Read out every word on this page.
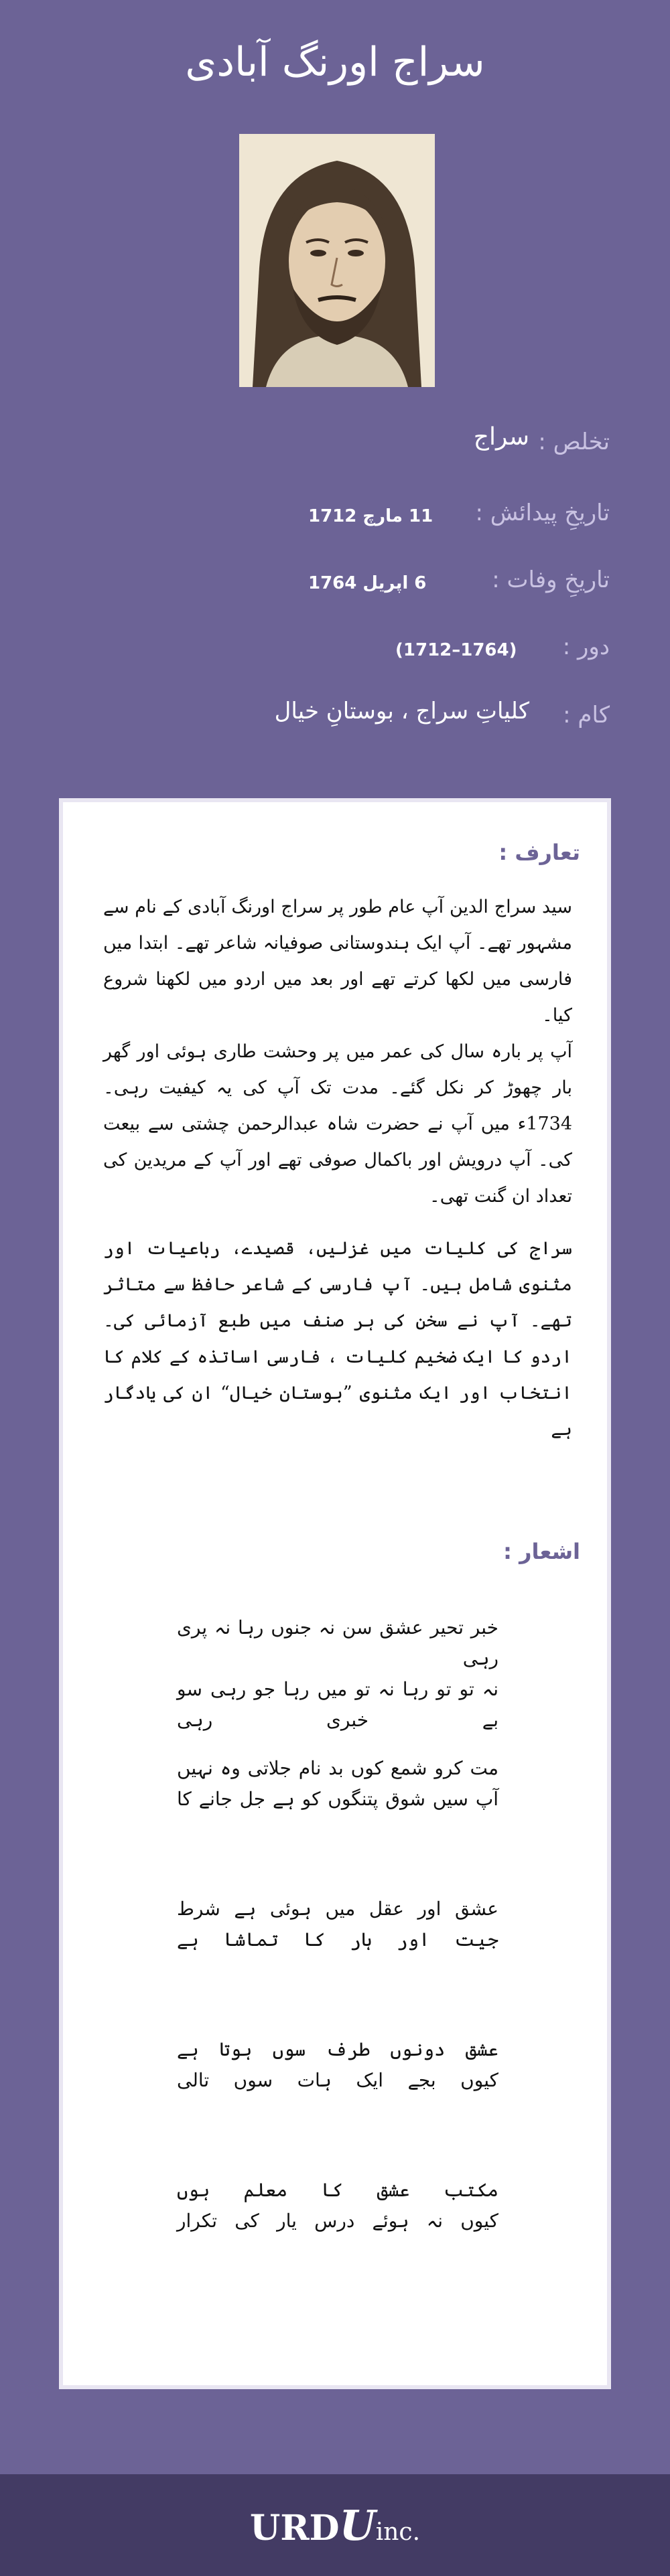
سراج اورنگ آبادی
تخلص :
سراج
تاریخِ پیدائش :
11 مارچ 1712
تاریخِ وفات :
6 اپریل 1764
دور :
(1712–1764)
کام :
کلیاتِ سراج ، بوستانِ خیال
تعارف :
سید سراج الدین آپ عام طور پر سراج اورنگ آبادی کے نام سے مشہور تھے۔ آپ ایک ہندوستانی صوفیانہ شاعر تھے۔ ابتدا میں فارسی میں لکھا کرتے تھے اور بعد میں اردو میں لکھنا شروع کیا۔
آپ پر بارہ سال کی عمر میں پر وحشت طاری ہوئی اور گھر بار چھوڑ کر نکل گئے۔ مدت تک آپ کی یہ کیفیت رہی۔ 1734ء میں آپ نے حضرت شاہ عبدالرحمن چشتی سے بیعت کی۔ آپ درویش اور باکمال صوفی تھے اور آپ کے مریدین کی تعداد ان گنت تھی۔
سراج کی کلیات میں غزلیں، قصیدے، رباعیات اور مثنوی شامل ہیں۔ آپ فارسی کے شاعر حافظ سے متاثر تھے۔ آپ نے سخن کی ہر صنف میں طبع آزمائی کی۔اردو کا ایک ضخیم کلیات ، فارسی اساتذہ کے کلام کا انتخاب اور ایک مثنوی ”بوستان خیال“ ان کی یادگار ہے
اشعار :
خبر تحیر عشق سن نہ جنوں رہا نہ پری رہی
نہ تو تو رہا نہ تو میں رہا جو رہی سو بے خبری رہی
مت کرو شمع کوں بد نام جلاتی وہ نہیں
آپ سیں شوق پتنگوں کو ہے جل جانے کا
عشق اور عقل میں ہوئی ہے شرط
جیت اور ہار کا تماشا ہے
عشق دونوں طرف سوں ہوتا ہے
کیوں بجے ایک ہات سوں تالی
مکتب عشق کا معلم ہوں
کیوں نہ ہوئے درس یار کی تکرار
URDUinc.
